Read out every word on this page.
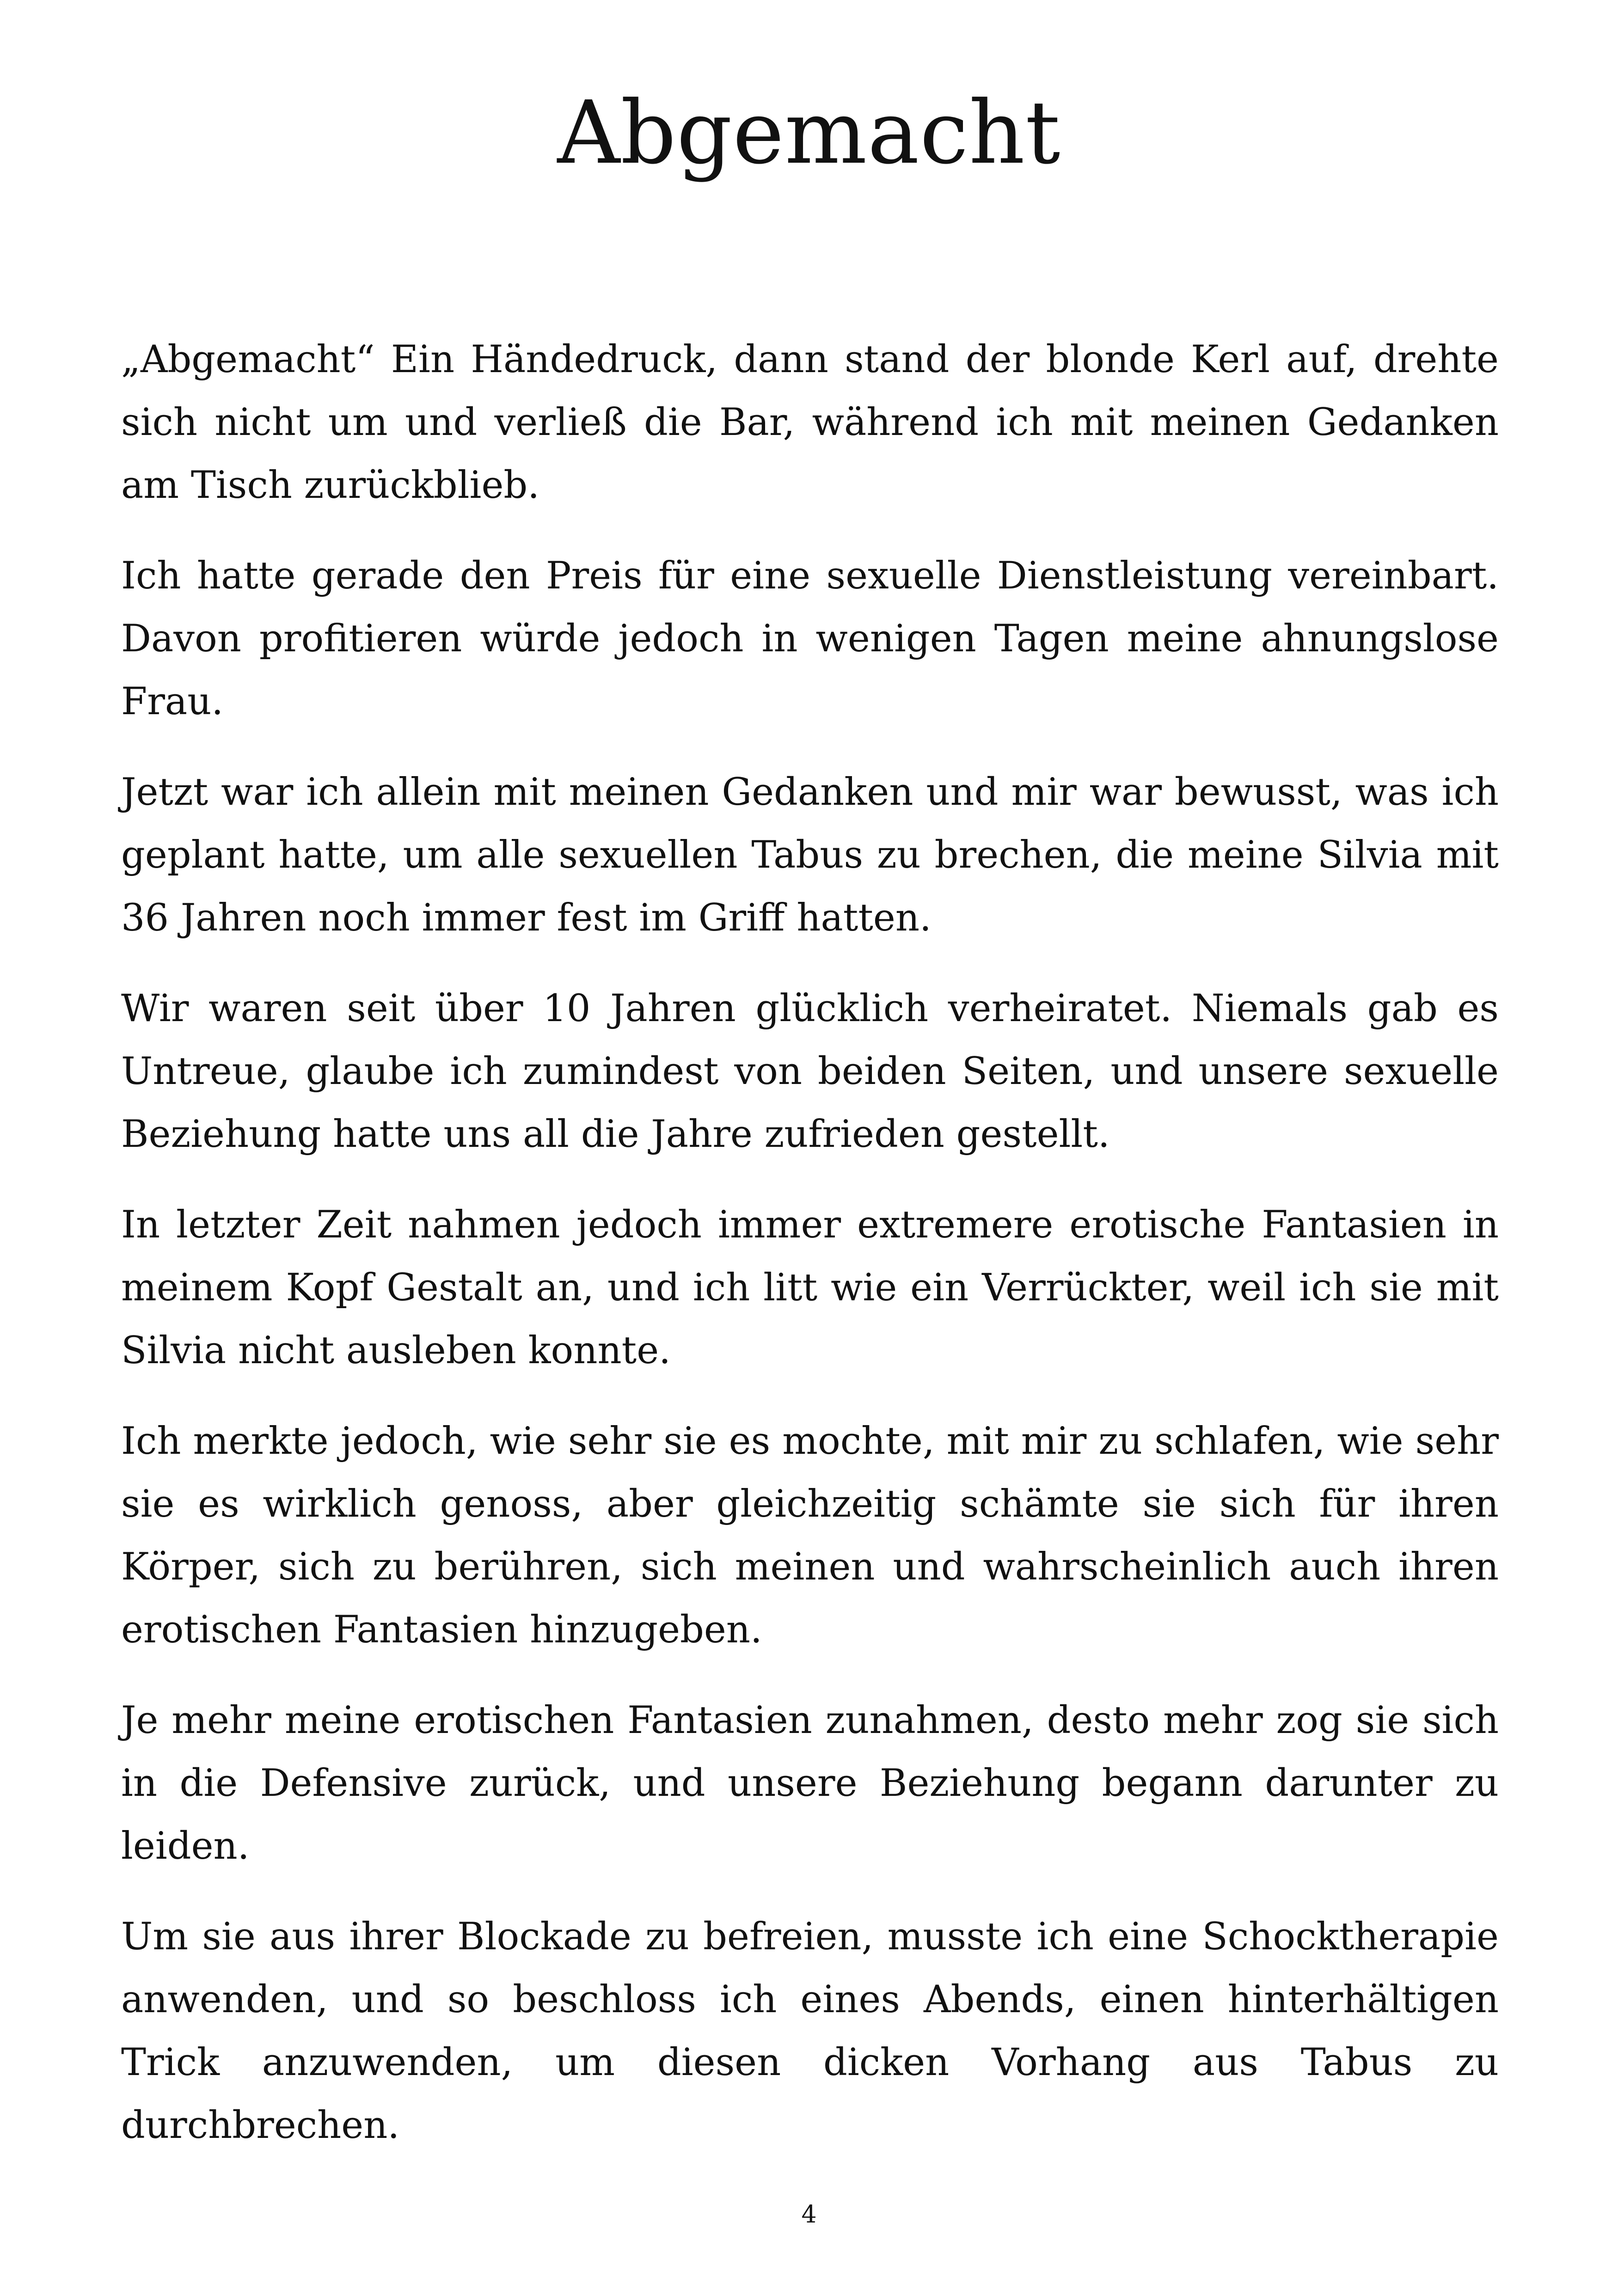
Abgemacht

„Abgemacht“ Ein Händedruck, dann stand der blonde Kerl auf, drehte sich nicht um und verließ die Bar, während ich mit meinen Gedanken am Tisch zurückblieb.

Ich hatte gerade den Preis für eine sexuelle Dienstleistung vereinbart. Davon profitieren würde jedoch in wenigen Tagen meine ahnungslose Frau.

Jetzt war ich allein mit meinen Gedanken und mir war bewusst, was ich geplant hatte, um alle sexuellen Tabus zu brechen, die meine Silvia mit 36 Jahren noch immer fest im Griff hatten.

Wir waren seit über 10 Jahren glücklich verheiratet. Niemals gab es Untreue, glaube ich zumindest von beiden Seiten, und unsere sexuelle Beziehung hatte uns all die Jahre zufrieden gestellt.

In letzter Zeit nahmen jedoch immer extremere erotische Fantasien in meinem Kopf Gestalt an, und ich litt wie ein Verrückter, weil ich sie mit Silvia nicht ausleben konnte.

Ich merkte jedoch, wie sehr sie es mochte, mit mir zu schlafen, wie sehr sie es wirklich genoss, aber gleichzeitig schämte sie sich für ihren Körper, sich zu berühren, sich meinen und wahrscheinlich auch ihren erotischen Fantasien hinzugeben.

Je mehr meine erotischen Fantasien zunahmen, desto mehr zog sie sich in die Defensive zurück, und unsere Beziehung begann darunter zu leiden.

Um sie aus ihrer Blockade zu befreien, musste ich eine Schocktherapie anwenden, und so beschloss ich eines Abends, einen hinterhältigen Trick anzuwenden, um diesen dicken Vorhang aus Tabus zu durchbrechen.

4
